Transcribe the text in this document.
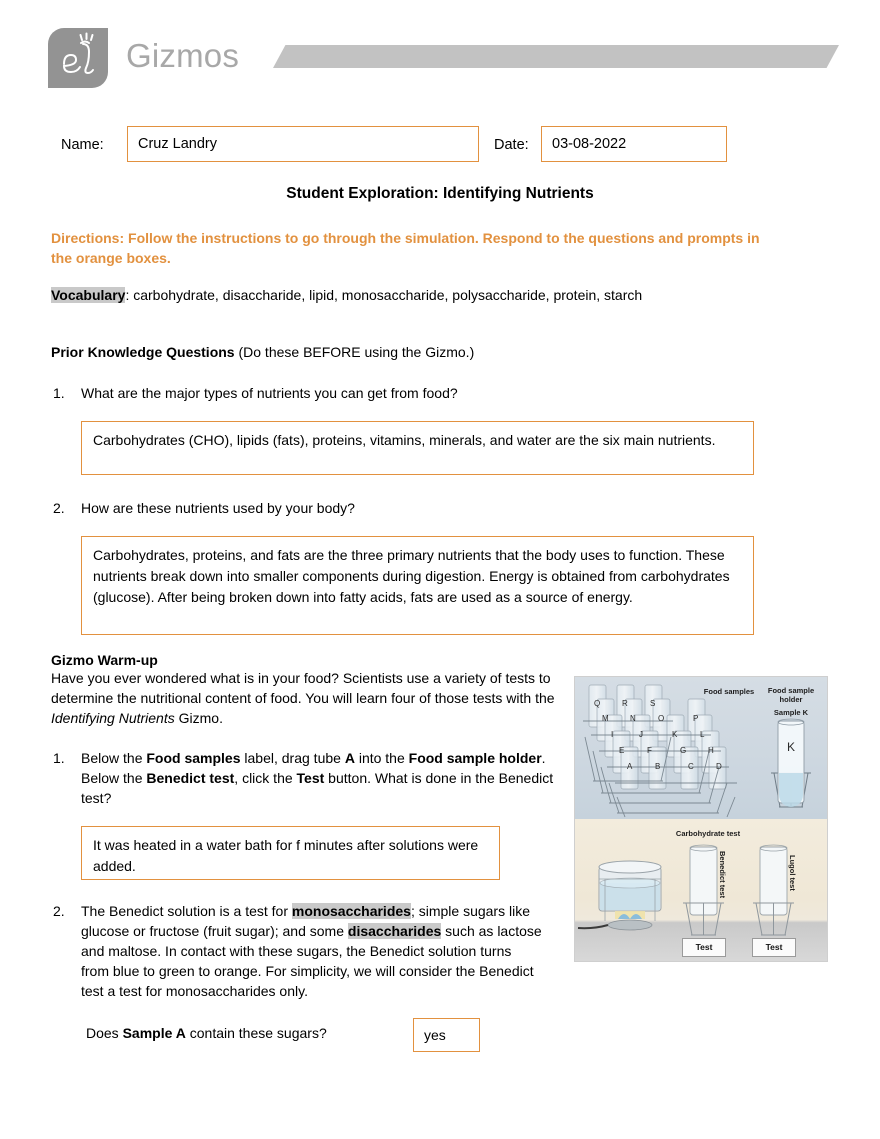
Gizmos
Name:	Cruz Landry	Date:	03-08-2022
Student Exploration: Identifying Nutrients
Directions: Follow the instructions to go through the simulation. Respond to the questions and prompts in the orange boxes.
Vocabulary: carbohydrate, disaccharide, lipid, monosaccharide, polysaccharide, protein, starch
Prior Knowledge Questions (Do these BEFORE using the Gizmo.)
1.	What are the major types of nutrients you can get from food?
Carbohydrates (CHO), lipids (fats), proteins, vitamins, minerals, and water are the six main nutrients.
2.	How are these nutrients used by your body?
Carbohydrates, proteins, and fats are the three primary nutrients that the body uses to function. These nutrients break down into smaller components during digestion. Energy is obtained from carbohydrates (glucose). After being broken down into fatty acids, fats are used as a source of energy.
Gizmo Warm-up
Have you ever wondered what is in your food? Scientists use a variety of tests to determine the nutritional content of food. You will learn four of those tests with the Identifying Nutrients Gizmo.
1.	Below the Food samples label, drag tube A into the Food sample holder. Below the Benedict test, click the Test button. What is done in the Benedict test?
It was heated in a water bath for f minutes after solutions were added.
2.	The Benedict solution is a test for monosaccharides; simple sugars like glucose or fructose (fruit sugar); and some disaccharides such as lactose and maltose. In contact with these sugars, the Benedict solution turns from blue to green to orange. For simplicity, we will consider the Benedict test a test for monosaccharides only.
Does Sample A contain these sugars?	yes
Food samples	Food sample
holder
Sample K
Q	R	S
M	N	O	P
I	J	K	L
E	F	G	H
A	B	C	D
K
Carbohydrate test
Benedict test	Lugol test
Test	Test
